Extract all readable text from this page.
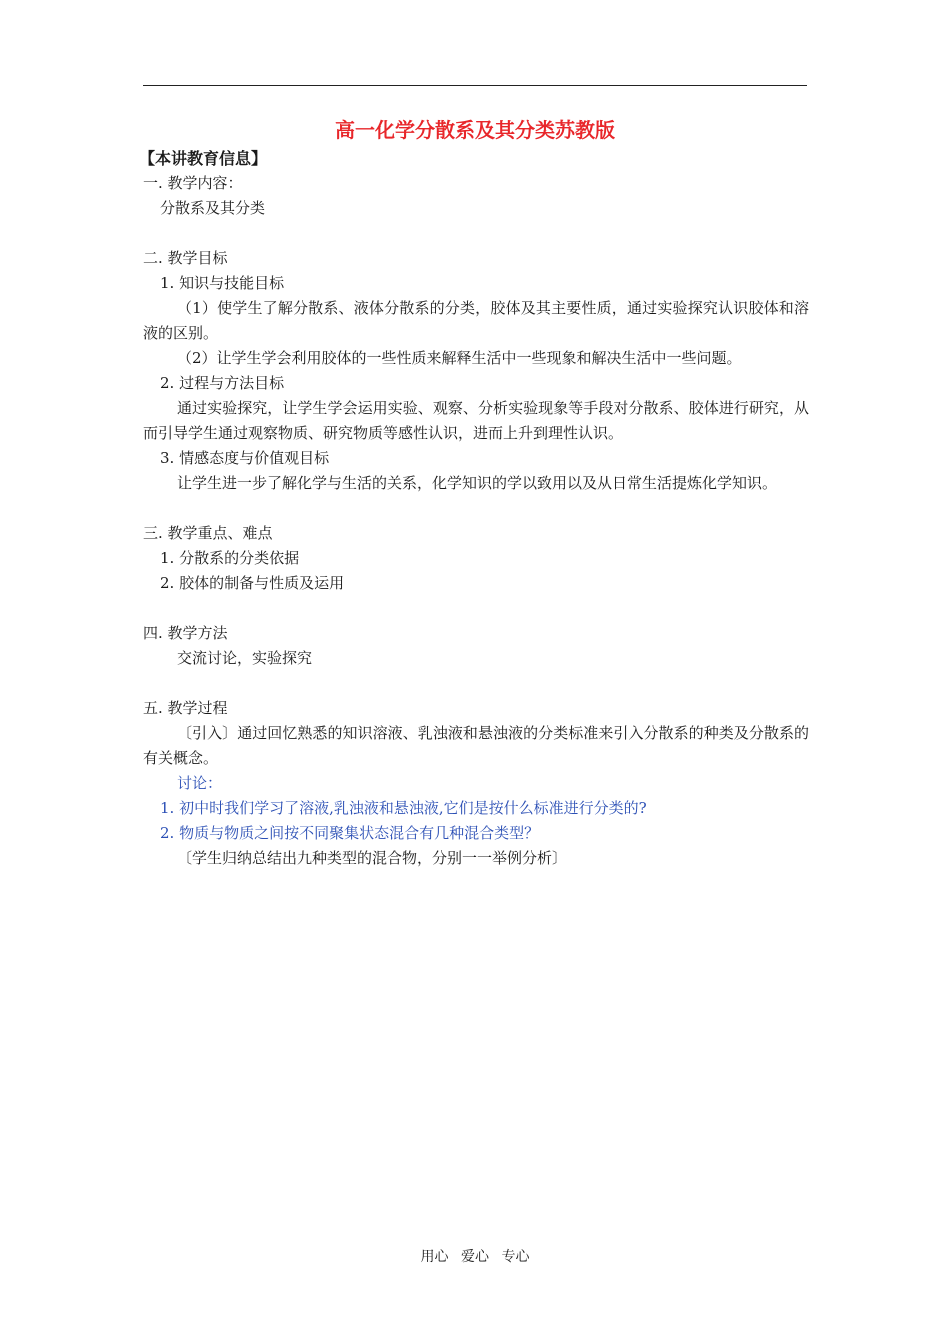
高一化学分散系及其分类苏教版

【本讲教育信息】

一. 教学内容：

分散系及其分类

二. 教学目标

1. 知识与技能目标

（1）使学生了解分散系、液体分散系的分类，胶体及其主要性质，通过实验探究认识胶体和溶液的区别。

（2）让学生学会利用胶体的一些性质来解释生活中一些现象和解决生活中一些问题。

2. 过程与方法目标

通过实验探究，让学生学会运用实验、观察、分析实验现象等手段对分散系、胶体进行研究，从而引导学生通过观察物质、研究物质等感性认识，进而上升到理性认识。

3. 情感态度与价值观目标

让学生进一步了解化学与生活的关系，化学知识的学以致用以及从日常生活提炼化学知识。

三. 教学重点、难点

1. 分散系的分类依据

2. 胶体的制备与性质及运用

四. 教学方法

交流讨论，实验探究

五. 教学过程

〔引入〕通过回忆熟悉的知识溶液、乳浊液和悬浊液的分类标准来引入分散系的种类及分散系的有关概念。

讨论：

1. 初中时我们学习了溶液,乳浊液和悬浊液,它们是按什么标准进行分类的?

2. 物质与物质之间按不同聚集状态混合有几种混合类型？

〔学生归纳总结出九种类型的混合物，分别一一举例分析〕

用心 爱心 专心
